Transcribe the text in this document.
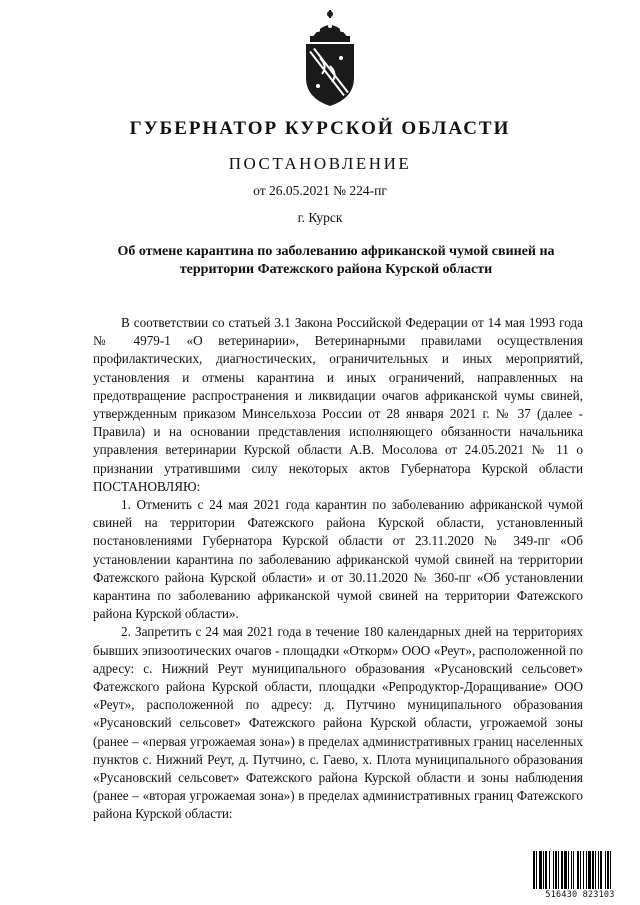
ГУБЕРНАТОР КУРСКОЙ ОБЛАСТИ
ПОСТАНОВЛЕНИЕ
от 26.05.2021 № 224-пг
г. Курск
Об отмене карантина по заболеванию африканской чумой свиней на
территории Фатежского района Курской области

В соответствии со статьей 3.1 Закона Российской Федерации от 14 мая 1993 года № 4979-1 «О ветеринарии», Ветеринарными правилами осуществления профилактических, диагностических, ограничительных и иных мероприятий, установления и отмены карантина и иных ограничений, направленных на предотвращение распространения и ликвидации очагов африканской чумы свиней, утвержденным приказом Минсельхоза России от 28 января 2021 г. № 37 (далее - Правила) и на основании представления исполняющего обязанности начальника управления ветеринарии Курской области А.В. Мосолова от 24.05.2021 № 11 о признании утратившими силу некоторых актов Губернатора Курской области ПОСТАНОВЛЯЮ:

1. Отменить с 24 мая 2021 года карантин по заболеванию африканской чумой свиней на территории Фатежского района Курской области, установленный постановлениями Губернатора Курской области от 23.11.2020 № 349-пг «Об установлении карантина по заболеванию африканской чумой свиней на территории Фатежского района Курской области» и от 30.11.2020 № 360-пг «Об установлении карантина по заболеванию африканской чумой свиней на территории Фатежского района Курской области».

2. Запретить с 24 мая 2021 года в течение 180 календарных дней на территориях бывших эпизоотических очагов - площадки «Откорм» ООО «Реут», расположенной по адресу: с. Нижний Реут муниципального образования «Русановский сельсовет» Фатежского района Курской области, площадки «Репродуктор-Доращивание» ООО «Реут», расположенной по адресу: д. Путчино муниципального образования «Русановский сельсовет» Фатежского района Курской области, угрожаемой зоны (ранее – «первая угрожаемая зона») в пределах административных границ населенных пунктов с. Нижний Реут, д. Путчино, с. Гаево, х. Плота муниципального образования «Русановский сельсовет» Фатежского района Курской области и зоны наблюдения (ранее – «вторая угрожаемая зона») в пределах административных границ Фатежского района Курской области:

516430 823103
